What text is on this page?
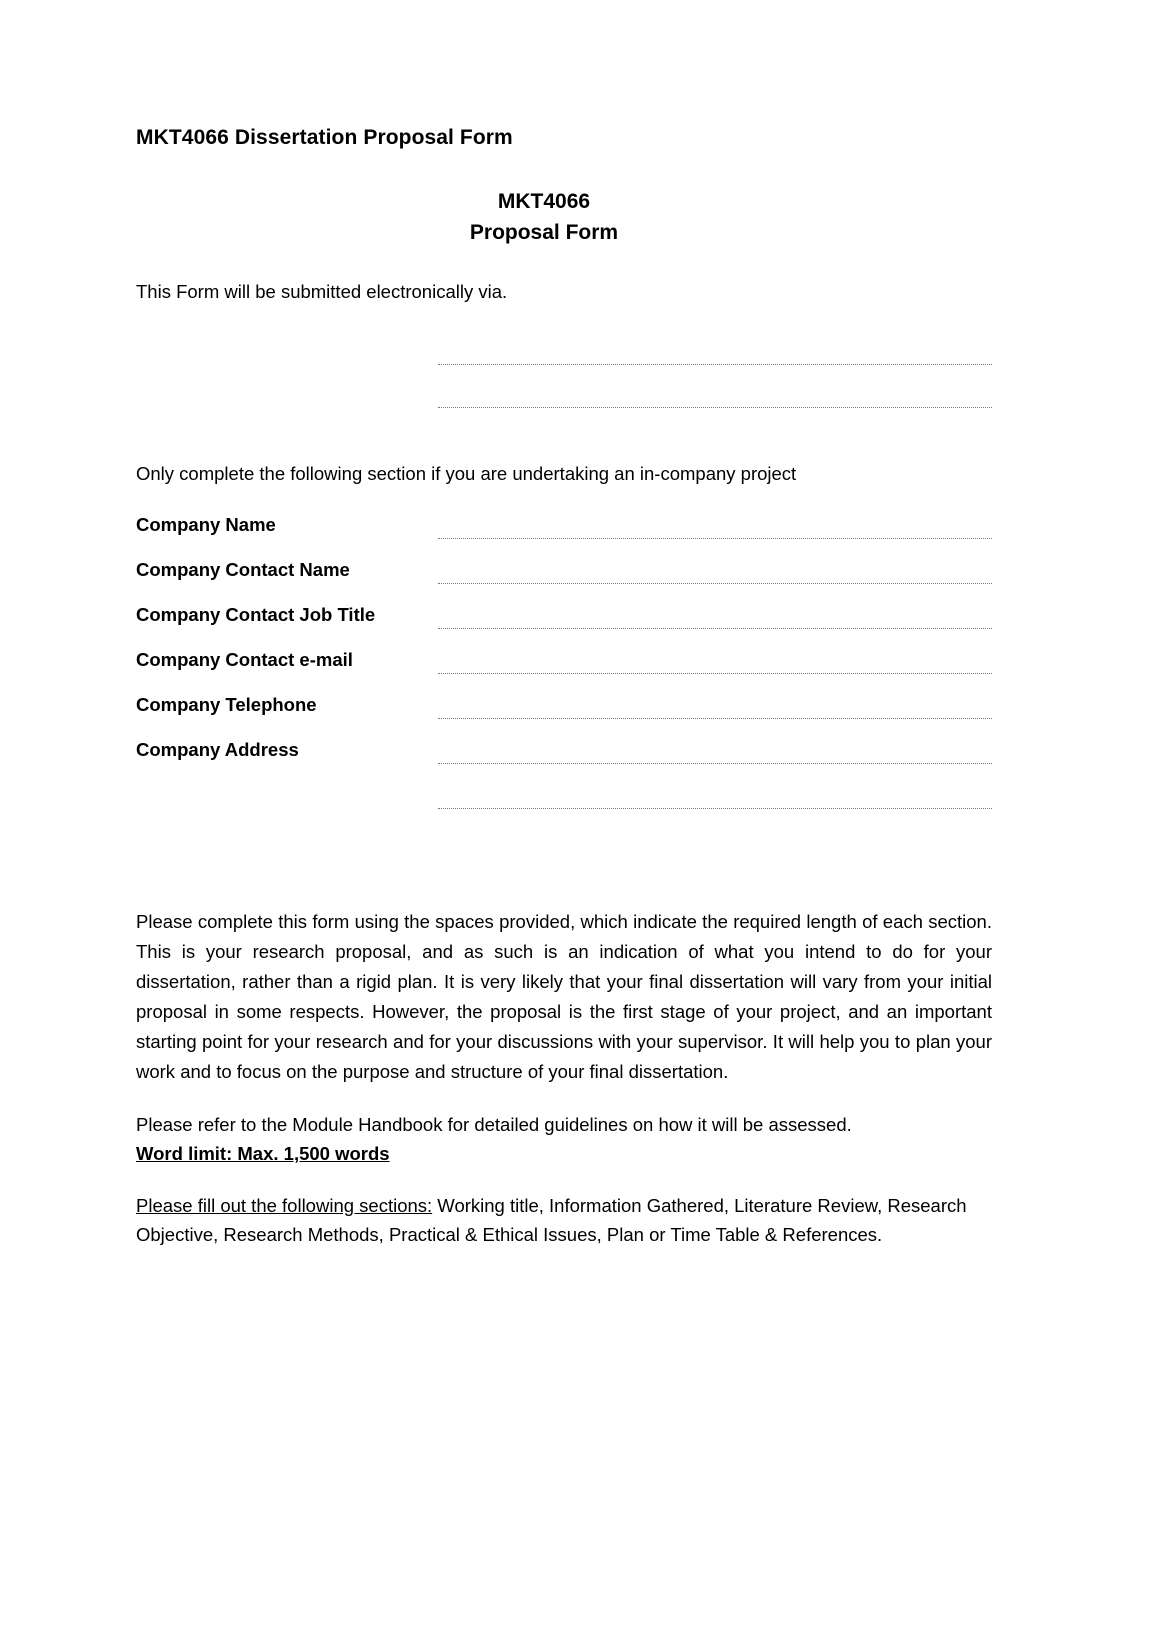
MKT4066 Dissertation Proposal Form
MKT4066
Proposal Form

This Form will be submitted electronically via.

Only complete the following section if you are undertaking an in-company project

Company Name
Company Contact Name
Company Contact Job Title
Company Contact e-mail
Company Telephone
Company Address

Please complete this form using the spaces provided, which indicate the required length of each section. This is your research proposal, and as such is an indication of what you intend to do for your dissertation, rather than a rigid plan. It is very likely that your final dissertation will vary from your initial proposal in some respects. However, the proposal is the first stage of your project, and an important starting point for your research and for your discussions with your supervisor. It will help you to plan your work and to focus on the purpose and structure of your final dissertation.

Please refer to the Module Handbook for detailed guidelines on how it will be assessed.
Word limit: Max. 1,500 words

Please fill out the following sections: Working title, Information Gathered, Literature Review, Research Objective, Research Methods, Practical & Ethical Issues, Plan or Time Table & References.
